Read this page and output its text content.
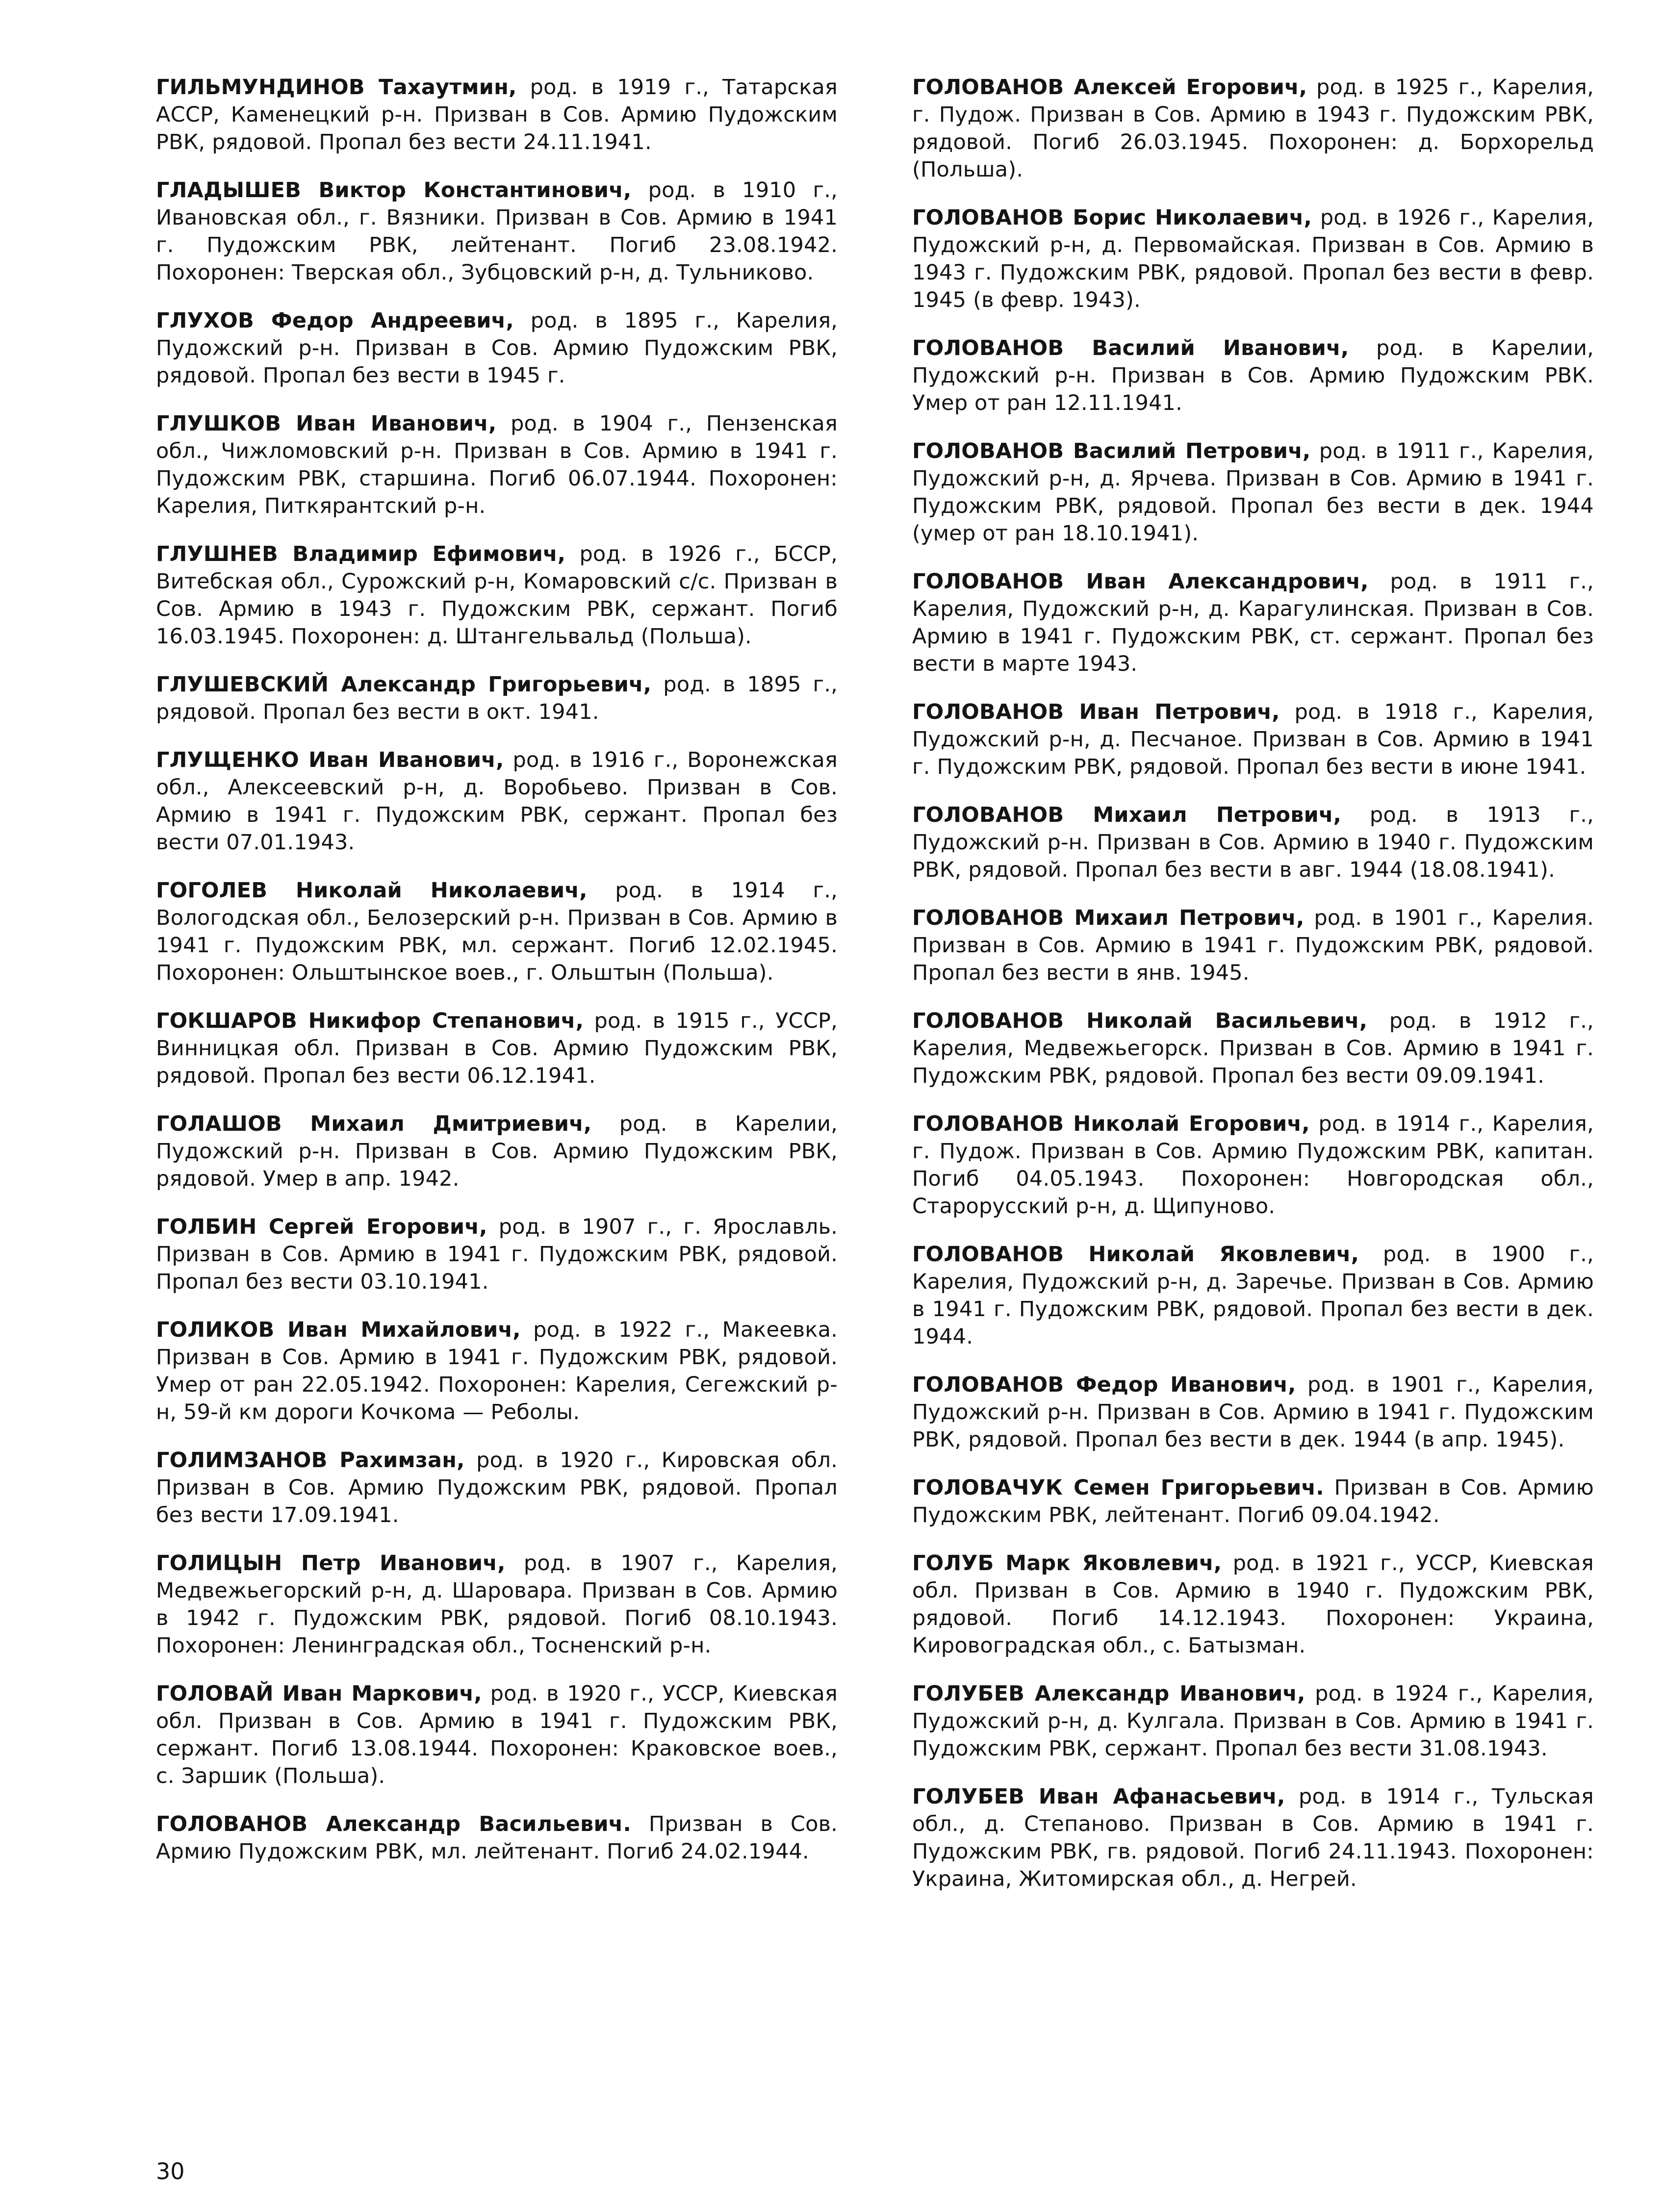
ГИЛЬМУНДИНОВ Тахаутмин, род. в 1919 г., Татарская АССР, Каменецкий р-н. Призван в Сов. Армию Пудожским РВК, рядовой. Пропал без вести 24.11.1941.

ГЛАДЫШЕВ Виктор Константинович, род. в 1910 г., Ивановская обл., г. Вязники. Призван в Сов. Армию в 1941 г. Пудожским РВК, лейтенант. Погиб 23.08.1942. Похоронен: Тверская обл., Зубцовский р-н, д. Тульниково.

ГЛУХОВ Федор Андреевич, род. в 1895 г., Карелия, Пудожский р-н. Призван в Сов. Армию Пудожским РВК, рядовой. Пропал без вести в 1945 г.

ГЛУШКОВ Иван Иванович, род. в 1904 г., Пензенская обл., Чижломовский р-н. Призван в Сов. Армию в 1941 г. Пудожским РВК, старшина. Погиб 06.07.1944. Похоронен: Карелия, Питкярантский р-н.

ГЛУШНЕВ Владимир Ефимович, род. в 1926 г., БССР, Витебская обл., Сурожский р-н, Комаровский с/с. Призван в Сов. Армию в 1943 г. Пудожским РВК, сержант. Погиб 16.03.1945. Похоронен: д. Штангельвальд (Польша).

ГЛУШЕВСКИЙ Александр Григорьевич, род. в 1895 г., рядовой. Пропал без вести в окт. 1941.

ГЛУЩЕНКО Иван Иванович, род. в 1916 г., Воронежская обл., Алексеевский р-н, д. Воробьево. Призван в Сов. Армию в 1941 г. Пудожским РВК, сержант. Пропал без вести 07.01.1943.

ГОГОЛЕВ Николай Николаевич, род. в 1914 г., Вологодская обл., Белозерский р-н. Призван в Сов. Армию в 1941 г. Пудожским РВК, мл. сержант. Погиб 12.02.1945. Похоронен: Ольштынское воев., г. Ольштын (Польша).

ГОКШАРОВ Никифор Степанович, род. в 1915 г., УССР, Винницкая обл. Призван в Сов. Армию Пудожским РВК, рядовой. Пропал без вести 06.12.1941.

ГОЛАШОВ Михаил Дмитриевич, род. в Карелии, Пудожский р-н. Призван в Сов. Армию Пудожским РВК, рядовой. Умер в апр. 1942.

ГОЛБИН Сергей Егорович, род. в 1907 г., г. Ярославль. Призван в Сов. Армию в 1941 г. Пудожским РВК, рядовой. Пропал без вести 03.10.1941.

ГОЛИКОВ Иван Михайлович, род. в 1922 г., Макеевка. Призван в Сов. Армию в 1941 г. Пудожским РВК, рядовой. Умер от ран 22.05.1942. Похоронен: Карелия, Сегежский р-н, 59-й км дороги Кочкома — Реболы.

ГОЛИМЗАНОВ Рахимзан, род. в 1920 г., Кировская обл. Призван в Сов. Армию Пудожским РВК, рядовой. Пропал без вести 17.09.1941.

ГОЛИЦЫН Петр Иванович, род. в 1907 г., Карелия, Медвежьегорский р-н, д. Шароварa. Призван в Сов. Армию в 1942 г. Пудожским РВК, рядовой. Погиб 08.10.1943. Похоронен: Ленинградская обл., Тосненский р-н.

ГОЛОВАЙ Иван Маркович, род. в 1920 г., УССР, Киевская обл. Призван в Сов. Армию в 1941 г. Пудожским РВК, сержант. Погиб 13.08.1944. Похоронен: Краковское воев., с. Заршик (Польша).

ГОЛОВАНОВ Александр Васильевич. Призван в Сов. Армию Пудожским РВК, мл. лейтенант. Погиб 24.02.1944.

ГОЛОВАНОВ Алексей Егорович, род. в 1925 г., Карелия, г. Пудож. Призван в Сов. Армию в 1943 г. Пудожским РВК, рядовой. Погиб 26.03.1945. Похоронен: д. Борхорельд (Польша).

ГОЛОВАНОВ Борис Николаевич, род. в 1926 г., Карелия, Пудожский р-н, д. Первомайская. Призван в Сов. Армию в 1943 г. Пудожским РВК, рядовой. Пропал без вести в февр. 1945 (в февр. 1943).

ГОЛОВАНОВ Василий Иванович, род. в Карелии, Пудожский р-н. Призван в Сов. Армию Пудожским РВК. Умер от ран 12.11.1941.

ГОЛОВАНОВ Василий Петрович, род. в 1911 г., Карелия, Пудожский р-н, д. Ярчева. Призван в Сов. Армию в 1941 г. Пудожским РВК, рядовой. Пропал без вести в дек. 1944 (умер от ран 18.10.1941).

ГОЛОВАНОВ Иван Александрович, род. в 1911 г., Карелия, Пудожский р-н, д. Карагулинская. Призван в Сов. Армию в 1941 г. Пудожским РВК, ст. сержант. Пропал без вести в марте 1943.

ГОЛОВАНОВ Иван Петрович, род. в 1918 г., Карелия, Пудожский р-н, д. Песчаное. Призван в Сов. Армию в 1941 г. Пудожским РВК, рядовой. Пропал без вести в июне 1941.

ГОЛОВАНОВ Михаил Петрович, род. в 1913 г., Пудожский р-н. Призван в Сов. Армию в 1940 г. Пудожским РВК, рядовой. Пропал без вести в авг. 1944 (18.08.1941).

ГОЛОВАНОВ Михаил Петрович, род. в 1901 г., Карелия. Призван в Сов. Армию в 1941 г. Пудожским РВК, рядовой. Пропал без вести в янв. 1945.

ГОЛОВАНОВ Николай Васильевич, род. в 1912 г., Карелия, Медвежьегорск. Призван в Сов. Армию в 1941 г. Пудожским РВК, рядовой. Пропал без вести 09.09.1941.

ГОЛОВАНОВ Николай Егорович, род. в 1914 г., Карелия, г. Пудож. Призван в Сов. Армию Пудожским РВК, капитан. Погиб 04.05.1943. Похоронен: Новгородская обл., Старорусский р-н, д. Щипуново.

ГОЛОВАНОВ Николай Яковлевич, род. в 1900 г., Карелия, Пудожский р-н, д. Заречье. Призван в Сов. Армию в 1941 г. Пудожским РВК, рядовой. Пропал без вести в дек. 1944.

ГОЛОВАНОВ Федор Иванович, род. в 1901 г., Карелия, Пудожский р-н. Призван в Сов. Армию в 1941 г. Пудожским РВК, рядовой. Пропал без вести в дек. 1944 (в апр. 1945).

ГОЛОВАЧУК Семен Григорьевич. Призван в Сов. Армию Пудожским РВК, лейтенант. Погиб 09.04.1942.

ГОЛУБ Марк Яковлевич, род. в 1921 г., УССР, Киевская обл. Призван в Сов. Армию в 1940 г. Пудожским РВК, рядовой. Погиб 14.12.1943. Похоронен: Украина, Кировоградская обл., с. Батызман.

ГОЛУБЕВ Александр Иванович, род. в 1924 г., Карелия, Пудожский р-н, д. Кулгала. Призван в Сов. Армию в 1941 г. Пудожским РВК, сержант. Пропал без вести 31.08.1943.

ГОЛУБЕВ Иван Афанасьевич, род. в 1914 г., Тульская обл., д. Степаново. Призван в Сов. Армию в 1941 г. Пудожским РВК, гв. рядовой. Погиб 24.11.1943. Похоронен: Украина, Житомирская обл., д. Негрей.

30
